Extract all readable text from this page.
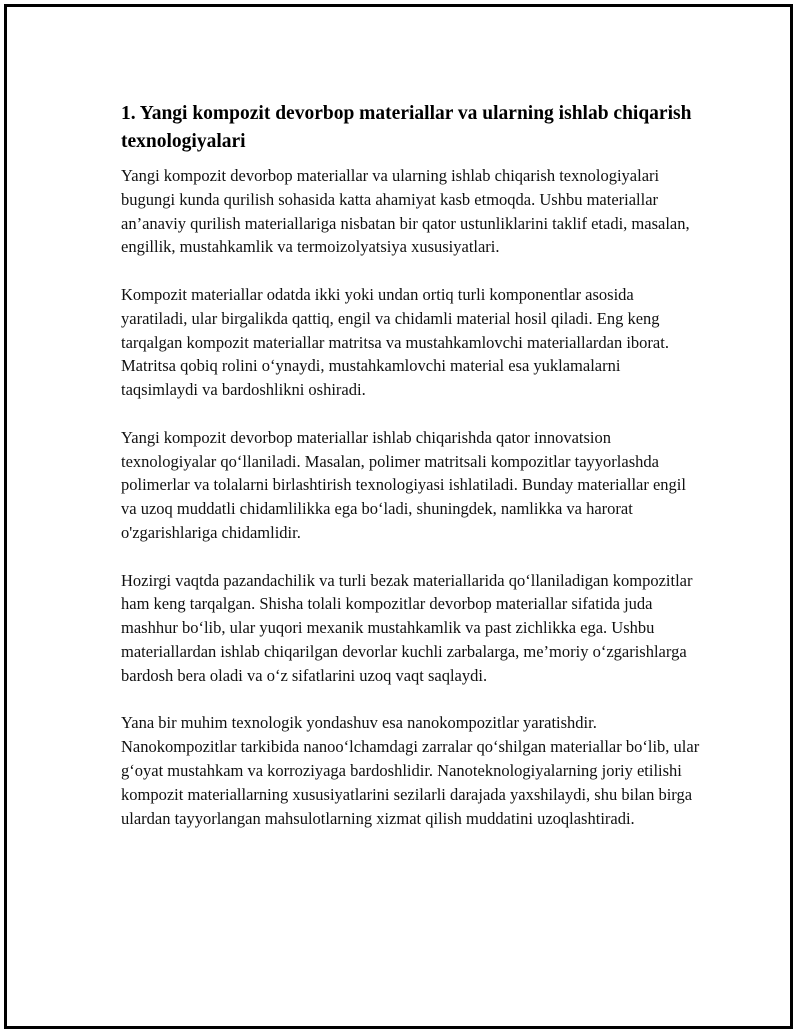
1. Yangi kompozit devorbop materiallar va ularning ishlab chiqarish texnologiyalari

Yangi kompozit devorbop materiallar va ularning ishlab chiqarish texnologiyalari bugungi kunda qurilish sohasida katta ahamiyat kasb etmoqda. Ushbu materiallar an’anaviy qurilish materiallariga nisbatan bir qator ustunliklarini taklif etadi, masalan, engillik, mustahkamlik va termoizolyatsiya xususiyatlari.

Kompozit materiallar odatda ikki yoki undan ortiq turli komponentlar asosida yaratiladi, ular birgalikda qattiq, engil va chidamli material hosil qiladi. Eng keng tarqalgan kompozit materiallar matritsa va mustahkamlovchi materiallardan iborat. Matritsa qobiq rolini o‘ynaydi, mustahkamlovchi material esa yuklamalarni taqsimlaydi va bardoshlikni oshiradi.

Yangi kompozit devorbop materiallar ishlab chiqarishda qator innovatsion texnologiyalar qo‘llaniladi. Masalan, polimer matritsali kompozitlar tayyorlashda polimerlar va tolalarni birlashtirish texnologiyasi ishlatiladi. Bunday materiallar engil va uzoq muddatli chidamlilikka ega bo‘ladi, shuningdek, namlikka va harorat o'zgarishlariga chidamlidir.

Hozirgi vaqtda pazandachilik va turli bezak materiallarida qo‘llaniladigan kompozitlar ham keng tarqalgan. Shisha tolali kompozitlar devorbop materiallar sifatida juda mashhur bo‘lib, ular yuqori mexanik mustahkamlik va past zichlikka ega. Ushbu materiallardan ishlab chiqarilgan devorlar kuchli zarbalarga, me’moriy o‘zgarishlarga bardosh bera oladi va o‘z sifatlarini uzoq vaqt saqlaydi.

Yana bir muhim texnologik yondashuv esa nanokompozitlar yaratishdir. Nanokompozitlar tarkibida nanoo‘lchamdagi zarralar qo‘shilgan materiallar bo‘lib, ular g‘oyat mustahkam va korroziyaga bardoshlidir. Nanoteknologiyalarning joriy etilishi kompozit materiallarning xususiyatlarini sezilarli darajada yaxshilaydi, shu bilan birga ulardan tayyorlangan mahsulotlarning xizmat qilish muddatini uzoqlashtiradi.
